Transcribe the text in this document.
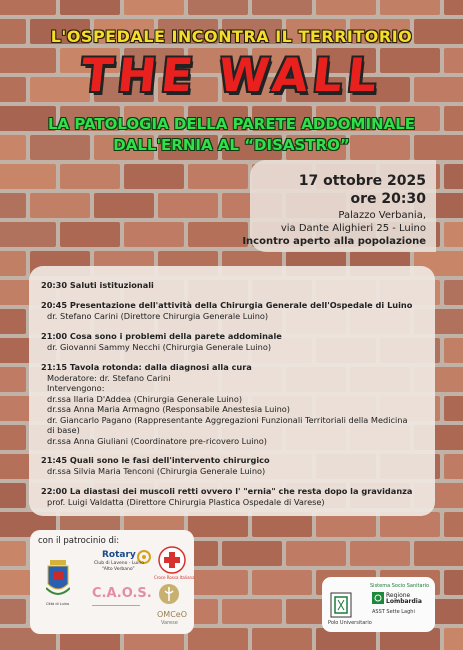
L'OSPEDALE INCONTRA IL TERRITORIO
THE WALL
LA PATOLOGIA DELLA PARETE ADDOMINALE
DALL'ERNIA AL “DISASTRO”
17 ottobre 2025
ore 20:30
Palazzo Verbania,
via Dante Alighieri 25 - Luino
Incontro aperto alla popolazione
20:30 Saluti istituzionali
20:45 Presentazione dell'attività della Chirurgia Generale dell'Ospedale di Luino
dr. Stefano Carini (Direttore Chirurgia Generale Luino)
21:00 Cosa sono i problemi della parete addominale
dr. Giovanni Sammy Necchi (Chirurgia Generale Luino)
21:15 Tavola rotonda: dalla diagnosi alla cura
Moderatore: dr. Stefano Carini
Intervengono:
dr.ssa Ilaria D'Addea (Chirurgia Generale Luino)
dr.ssa Anna Maria Armagno (Responsabile Anestesia Luino)
dr. Giancarlo Pagano (Rappresentante Aggregazioni Funzionali Territoriali della Medicina
di base)
dr.ssa Anna Giuliani (Coordinatore pre-ricovero Luino)
21:45 Quali sono le fasi dell'intervento chirurgico
dr.ssa Silvia Maria Tenconi (Chirurgia Generale Luino)
22:00 La diastasi dei muscoli retti ovvero l' "ernia" che resta dopo la gravidanza
prof. Luigi Valdatta (Direttore Chirurgia Plastica Ospedale di Varese)
con il patrocinio di:
Rotary
Club di Laveno - Luino
“Alto Verbano”
Croce Rossa Italiana
Città di Luino
C.A.O.S.
OMCeO
Varese
Sistema Socio Sanitario
Regione
Lombardia
ASST Sette Laghi
Polo Universitario
